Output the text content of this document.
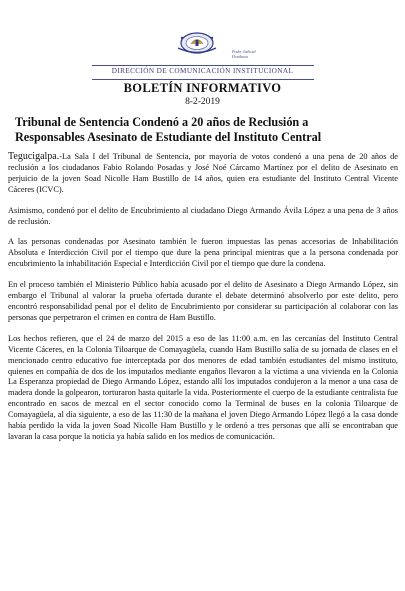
Poder Judicial
Honduras
DIRECCIÓN DE COMUNICACIÓN INSTITUCIONAL
BOLETÍN INFORMATIVO
8-2-2019
Tribunal de Sentencia Condenó a 20 años de Reclusión a
Responsables Asesinato de Estudiante del Instituto Central

Tegucigalpa.-La Sala I del Tribunal de Sentencia, por mayoría de votos condenó a una pena de 20 años de reclusión a los ciudadanos Fabio Rolando Posadas y José Noé Cárcamo Martínez por el delito de Asesinato en perjuicio de la joven Soad Nicolle Ham Bustillo de 14 años, quien era estudiante del Instituto Central Vicente Cáceres (ICVC).

Asimismo, condenó por el delito de Encubrimiento al ciudadano Diego Armando Ávila López a una pena de 3 años de reclusión.

A las personas condenadas por Asesinato también le fueron impuestas las penas accesorias de Inhabilitación Absoluta e Interdicción Civil por el tiempo que dure la pena principal mientras que a la persona condenada por encubrimiento la inhabilitación Especial e Interdicción Civil por el tiempo que dure la condena.

En el proceso también el Ministerio Público había acusado por el delito de Asesinato a Diego Armando López, sin embargo el Tribunal al valorar la prueba ofertada durante el debate determinó absolverlo por este delito, pero encontró responsabilidad penal por el delito de Encubrimiento por considerar su participación al colaborar con las personas que perpetraron el crimen en contra de Ham Bustillo.

Los hechos refieren, que el 24 de marzo del 2015 a eso de las 11:00 a.m. en las cercanías del Instituto Central Vicente Cáceres, en la Colonia Tiloarque de Comayagüela, cuando Ham Bustillo salía de su jornada de clases en el mencionado centro educativo fue interceptada por dos menores de edad también estudiantes del mismo instituto, quienes en compañía de dos de los imputados mediante engaños llevaron a la víctima a una vivienda en la Colonia La Esperanza propiedad de Diego Armando López, estando allí los imputados condujeron a la menor a una casa de madera donde la golpearon, torturaron hasta quitarle la vida. Posteriormente el cuerpo de la estudiante centralista fue encontrado en sacos de mezcal en el sector conocido como la Terminal de buses en la colonia Tiloarque de Comayagüela, al día siguiente, a eso de las 11:30 de la mañana el joven Diego Armando López llegó a la casa donde había perdido la vida la joven Soad Nicolle Ham Bustillo y le ordenó a tres personas que allí se encontraban que lavaran la casa porque la noticia ya había salido en los medios de comunicación.
